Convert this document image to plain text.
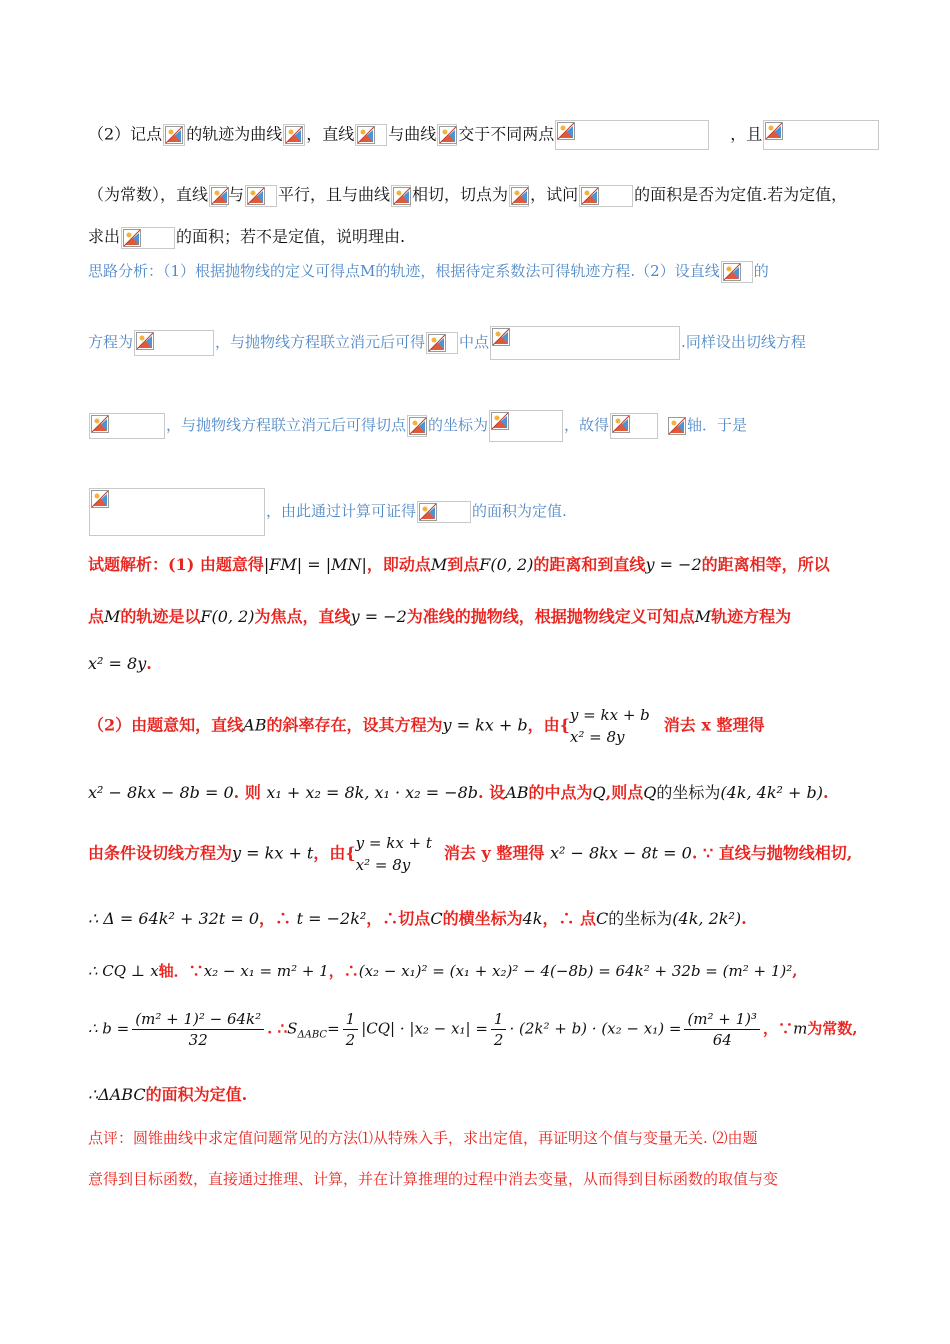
（2）记点 的轨迹为曲线 ，直线 与曲线 交于不同两点	，且
（为常数），直线 与 平行，且与曲线 相切，切点为 ，试问	的面积是否为定值.若为定值，
求出	的面积；若不是定值，说明理由.
思路分析：（1）根据抛物线的定义可得点M的轨迹，根据待定系数法可得轨迹方程.（2）设直线 的
方程为	，与抛物线方程联立消元后可得 中点	.同样设出切线方程
，与抛物线方程联立消元后可得切点 的坐标为	，故得	轴．于是
，由此通过计算可证得	的面积为定值.
试题解析：(1) 由题意得|FM| = |MN|，即动点M到点F(0, 2)的距离和到直线y = −2的距离相等，所以
点M的轨迹是以F(0, 2)为焦点，直线y = −2为准线的抛物线，根据抛物线定义可知点M轨迹方程为
x² = 8y.
（2）由题意知，直线AB的斜率存在，设其方程为y = kx + b，由{
y = kx + b
x² = 8y
消去 x 整理得
x² − 8kx − 8b = 0. 则 x₁ + x₂ = 8k, x₁ · x₂ = −8b. 设AB的中点为Q,则点Q的坐标为(4k, 4k² + b).
由条件设切线方程为y = kx + t，由{
y = kx + t
x² = 8y
消去 y 整理得 x² − 8kx − 8t = 0. ∵ 直线与抛物线相切,
∴ Δ = 64k² + 32t = 0，∴ t = −2k²，∴切点C的横坐标为4k，∴ 点C的坐标为(4k, 2k²).
∴ CQ ⊥ x轴．∵x₂ − x₁ = m² + 1，∴(x₂ − x₁)² = (x₁ + x₂)² − 4(−8b) = 64k² + 32b = (m² + 1)²,
∴ $b = \frac{\text{(m² + 1)² − 64k²}}{32}$ . $\therefore S_{\Delta ABC}= \frac{1}{2} |CQ| \cdot |x_2 - x_1| = \frac{1}{2} \cdot (2k^2 + b) \cdot (x_2 - x_1) = \frac{\text{(m² + 1)³}}{64}$ ，∵m为常数,
∴ΔABC的面积为定值.
点评：圆锥曲线中求定值问题常见的方法⑴从特殊入手，求出定值，再证明这个值与变量无关. ⑵由题
意得到目标函数，直接通过推理、计算，并在计算推理的过程中消去变量，从而得到目标函数的取值与变
